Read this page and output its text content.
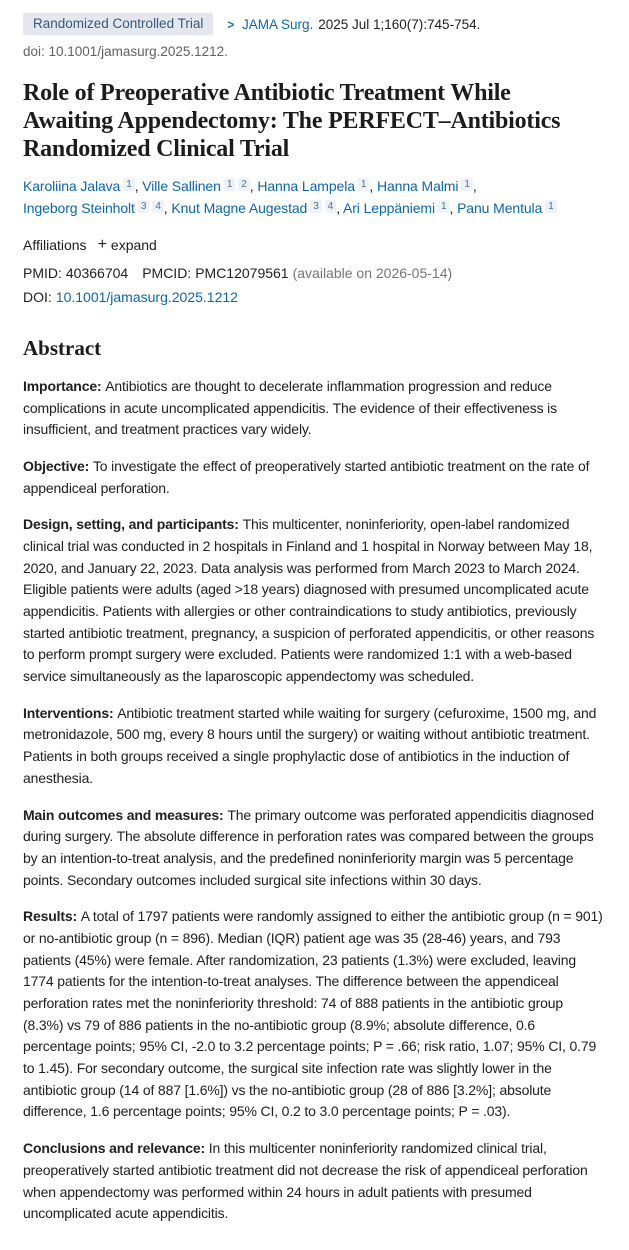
Randomized Controlled Trial	> JAMA Surg. 2025 Jul 1;160(7):745-754.
doi: 10.1001/jamasurg.2025.1212.
Role of Preoperative Antibiotic Treatment While Awaiting Appendectomy: The PERFECT–Antibiotics Randomized Clinical Trial
Karoliina Jalava 1 , Ville Sallinen 1 2 , Hanna Lampela 1 , Hanna Malmi 1 , Ingeborg Steinholt 3 4 , Knut Magne Augestad 3 4 , Ari Leppäniemi 1 , Panu Mentula 1
Affiliations + expand
PMID: 40366704 PMCID: PMC12079561 (available on 2026-05-14)
DOI: 10.1001/jamasurg.2025.1212
Abstract

Importance: Antibiotics are thought to decelerate inflammation progression and reduce complications in acute uncomplicated appendicitis. The evidence of their effectiveness is insufficient, and treatment practices vary widely.

Objective: To investigate the effect of preoperatively started antibiotic treatment on the rate of appendiceal perforation.

Design, setting, and participants: This multicenter, noninferiority, open-label randomized clinical trial was conducted in 2 hospitals in Finland and 1 hospital in Norway between May 18, 2020, and January 22, 2023. Data analysis was performed from March 2023 to March 2024. Eligible patients were adults (aged >18 years) diagnosed with presumed uncomplicated acute appendicitis. Patients with allergies or other contraindications to study antibiotics, previously started antibiotic treatment, pregnancy, a suspicion of perforated appendicitis, or other reasons to perform prompt surgery were excluded. Patients were randomized 1:1 with a web-based service simultaneously as the laparoscopic appendectomy was scheduled.

Interventions: Antibiotic treatment started while waiting for surgery (cefuroxime, 1500 mg, and metronidazole, 500 mg, every 8 hours until the surgery) or waiting without antibiotic treatment. Patients in both groups received a single prophylactic dose of antibiotics in the induction of anesthesia.

Main outcomes and measures: The primary outcome was perforated appendicitis diagnosed during surgery. The absolute difference in perforation rates was compared between the groups by an intention-to-treat analysis, and the predefined noninferiority margin was 5 percentage points. Secondary outcomes included surgical site infections within 30 days.

Results: A total of 1797 patients were randomly assigned to either the antibiotic group (n = 901) or no-antibiotic group (n = 896). Median (IQR) patient age was 35 (28-46) years, and 793 patients (45%) were female. After randomization, 23 patients (1.3%) were excluded, leaving 1774 patients for the intention-to-treat analyses. The difference between the appendiceal perforation rates met the noninferiority threshold: 74 of 888 patients in the antibiotic group (8.3%) vs 79 of 886 patients in the no-antibiotic group (8.9%; absolute difference, 0.6 percentage points; 95% CI, -2.0 to 3.2 percentage points; P = .66; risk ratio, 1.07; 95% CI, 0.79 to 1.45). For secondary outcome, the surgical site infection rate was slightly lower in the antibiotic group (14 of 887 [1.6%]) vs the no-antibiotic group (28 of 886 [3.2%]; absolute difference, 1.6 percentage points; 95% CI, 0.2 to 3.0 percentage points; P = .03).

Conclusions and relevance: In this multicenter noninferiority randomized clinical trial, preoperatively started antibiotic treatment did not decrease the risk of appendiceal perforation when appendectomy was performed within 24 hours in adult patients with presumed uncomplicated acute appendicitis.
